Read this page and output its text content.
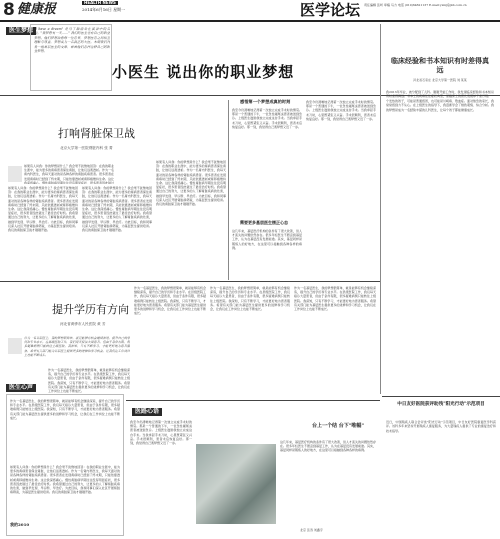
8 健康报	HEALTH NEWS
2014年6月16日 星期一
责任编辑 张昕 审稿 马力 电话 (010)64621137 E-mail:yxmj@jkb.com.cn
医学论坛
医生梦想 "I have a dream" 是马丁路德金在演讲中的名句。"我梦想有一天……" 我们的医生也有自己的职业梦想。他们梦想治愈每一位患者，梦想医患之间相互理解与尊重，梦想成为一名真正的大医。本期我们刊发一组基层医生的文章，看看他们怎样诠释自己的职业梦想。
小医生 说出你的职业梦想
打响肾脏保卫战
北京大学第一医院肾脏内科 张 菁
如果有人问我：你的梦想是什么？我会毫不犹豫地回答：在我的职业生涯中，能为更多的肾病患者保住肾脏，让他们远离透析。作为一名肾内科医生，我每天面对的是各种各样的肾脏疾病患者。很多患者在发现肾病时已经到了终末期，只能依靠透析或肾移植维持生命。这让我深感痛心。慢性肾脏病早期往往没有明显症状，很多患者因此错过
如果有人问我：你的梦想是什么？我会毫不犹豫地回答：在我的职业生涯中，能为更多的肾病患者保住肾脏，让他们远离透析。作为一名肾内科医生，我每天面对的是各种各样的肾脏疾病患者。很多患者在发现肾病时已经到了终末期，只能依靠透析或肾移植维持生命。这让我深感痛心。慢性肾脏病早期往往没有明显症状，很多患者因此错过了最佳治疗时机。我希望通过自己的努力，让更多的人了解肾脏疾病的危害，做到早发现、早诊断、早治疗。为此目标，我和同事们深入社区开展肾脏病筛查，为基层医生提供培训。我们的肾脏保卫战才刚刚开始。
如果有人问我：你的梦想是什么？我会毫不犹豫地回答：在我的职业生涯中，能为更多的肾病患者保住肾脏，让他们远离透析。作为一名肾内科医生，我每天面对的是各种各样的肾脏疾病患者。很多患者在发现肾病时已经到了终末期，只能依靠透析或肾移植维持生命。这让我深感痛心。慢性肾脏病早期往往没有明显症状，很多患者因此错过了最佳治疗时机。我希望通过自己的努力，让更多的人了解肾脏疾病的危害，做到早发现、早诊断、早治疗。为此目标，我和同事们深入社区开展肾脏病筛查，为基层医生提供培训。我们的肾脏保卫战才刚刚开始。
如果有人问我：你的梦想是什么？我会毫不犹豫地回答：在我的职业生涯中，能为更多的肾病患者保住肾脏，让他们远离透析。作为一名肾内科医生，我每天面对的是各种各样的肾脏疾病患者。很多患者在发现肾病时已经到了终末期，只能依靠透析或肾移植维持生命。这让我深感痛心。慢性肾脏病早期往往没有明显症状，很多患者因此错过了最佳治疗时机。我希望通过自己的努力，让更多的人了解肾脏疾病的危害，做到早发现、早诊断、早治疗。为此目标，我和同事们深入社区开展肾脏病筛查，为基层医生提供培训。我们的肾脏保卫战才刚刚开始。
感悟第一个梦想成真的时刻
我至今仍清晰地记得第一次独立完成手术时的情景。那是一个普通的下午，一位急性阑尾炎患者被送到急诊。上级医生鼓励我独立完成这台手术。当我拿起手术刀时，心里既紧张又兴奋。手术很顺利，患者术后恢复良好。那一刻，我觉得自己离梦想又近了一步。
需要更多基层医生摆正心态
这几年来，基层医疗机构的条件有了很大改善，但人才流失的问题依然存在。很多年轻医生不愿意到基层工作，认为在基层没有发展前途。其实，基层同样是锻炼人的好地方，在这里可以接触到各种各样的病例。
我至今仍清晰地记得第一次独立完成手术时的情景。那是一个普通的下午，一位急性阑尾炎患者被送到急诊。上级医生鼓励我独立完成这台手术。当我拿起手术刀时，心里既紧张又兴奋。手术很顺利，患者术后恢复良好。那一刻，我觉得自己离梦想又近了一步。
临床经验和书本知识有时差得真远
河北省石家庄 北京大学第一医院 刘 某某
我2013年毕业，被分配到了儿科。刚刚开始工作时，我发现临床经验和书本知识有时差得真远。书本上的疾病往往症状典型，而临床上的患儿表现却千差万别。一个发热的孩子，可能是普通感冒，也可能是川崎病、败血症。面对焦急的家长，我常常感到力不从心。在上级医生的指导下，我逐渐学会了细致观察、综合分析。我的梦想是成为一名经验丰富的儿科医生，让每个孩子都能健康成长。
提升学历有方向
河北省黄骅市人民医院 黄 芳
作为一名基层医生，我的梦想很简单，就是能够有机会继续深造，提升自己的学历和专业水平。在县级医院工作，我们每天接诊大量患者，但由于条件有限，很多疑难病例只能转往上级医院。我深知，只有不断学习，才能更好地为患者服务。希望有关部门能为基层医生提供更多的进修和学习机会，让我们在工作岗位上也能不断成长。
作为一名基层医生，我的梦想很简单，就是能够有机会继续深造，提升自己的学历和专业水平。在县级医院工作，我们每天接诊大量患者，但由于条件有限，很多疑难病例只能转往上级医院。我深知，只有不断学习，才能更好地为患者服务。希望有关部门能为基层医生提供更多的进修和学习机会，让我们在工作岗位上也能不断成长。
作为一名基层医生，我的梦想很简单，就是能够有机会继续深造，提升自己的学历和专业水平。在县级医院工作，我们每天接诊大量患者，但由于条件有限，很多疑难病例只能转往上级医院。我深知，只有不断学习，才能更好地为患者服务。希望有关部门能为基层医生提供更多的进修和学习机会，让我们在工作岗位上也能不断成长。
作为一名基层医生，我的梦想很简单，就是能够有机会继续深造，提升自己的学历和专业水平。在县级医院工作，我们每天接诊大量患者，但由于条件有限，很多疑难病例只能转往上级医院。我深知，只有不断学习，才能更好地为患者服务。希望有关部门能为基层医生提供更多的进修和学习机会，让我们在工作岗位上也能不断成长。
作为一名基层医生，我的梦想很简单，就是能够有机会继续深造，提升自己的学历和专业水平。在县级医院工作，我们每天接诊大量患者，但由于条件有限，很多疑难病例只能转往上级医院。我深知，只有不断学习，才能更好地为患者服务。希望有关部门能为基层医生提供更多的进修和学习机会，让我们在工作岗位上也能不断成长。
医生心声
作为一名基层医生，我的梦想很简单，就是能够有机会继续深造，提升自己的学历和专业水平。在县级医院工作，我们每天接诊大量患者，但由于条件有限，很多疑难病例只能转往上级医院。我深知，只有不断学习，才能更好地为患者服务。希望有关部门能为基层医生提供更多的进修和学习机会，让我们在工作岗位上也能不断成长。
我的2010
如果有人问我：你的梦想是什么？我会毫不犹豫地回答：在我的职业生涯中，能为更多的肾病患者保住肾脏，让他们远离透析。作为一名肾内科医生，我每天面对的是各种各样的肾脏疾病患者。很多患者在发现肾病时已经到了终末期，只能依靠透析或肾移植维持生命。这让我深感痛心。慢性肾脏病早期往往没有明显症状，很多患者因此错过了最佳治疗时机。我希望通过自己的努力，让更多的人了解肾脏疾病的危害，做到早发现、早诊断、早治疗。为此目标，我和同事们深入社区开展肾脏病筛查，为基层医生提供培训。我们的肾脏保卫战才刚刚开始。
医路心语
台上一个结 台下"唯幅"
我至今仍清晰地记得第一次独立完成手术时的情景。那是一个普通的下午，一位急性阑尾炎患者被送到急诊。上级医生鼓励我独立完成这台手术。当我拿起手术刀时，心里既紧张又兴奋。手术很顺利，患者术后恢复良好。那一刻，我觉得自己离梦想又近了一步。	这几年来，基层医疗机构的条件有了很大改善，但人才流失的问题依然存在。很多年轻医生不愿意到基层工作，认为在基层没有发展前途。其实，基层同样是锻炼人的好地方，在这里可以接触到各种各样的病例。
北京 张涛 刘鑫宇
中日友好医院获评助残"阳光行动"示范项目
近日，中国残疾人联合会评选"阳光行动"示范项目，中日友好医院康复医学科获评。该科多年来坚持开展残疾人康复服务，为大量残疾人提供了专业的康复治疗和技术指导。
